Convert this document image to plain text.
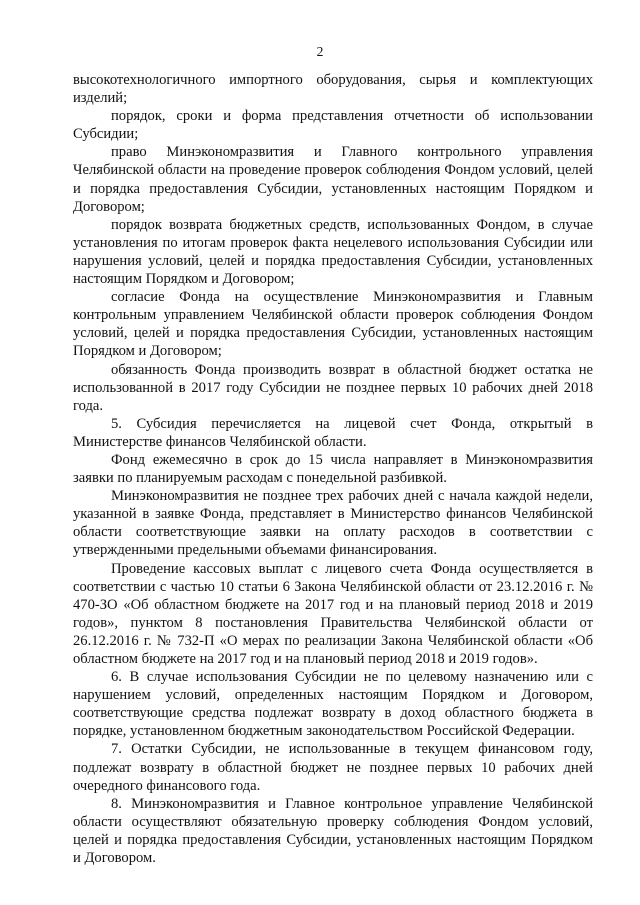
2

высокотехнологичного импортного оборудования, сырья и комплектующих изделий;

порядок, сроки и форма представления отчетности об использовании Субсидии;

право Минэкономразвития и Главного контрольного управления Челябинской области на проведение проверок соблюдения Фондом условий, целей и порядка предоставления Субсидии, установленных настоящим Порядком и Договором;

порядок возврата бюджетных средств, использованных Фондом, в случае установления по итогам проверок факта нецелевого использования Субсидии или нарушения условий, целей и порядка предоставления Субсидии, установленных настоящим Порядком и Договором;

согласие Фонда на осуществление Минэкономразвития и Главным контрольным управлением Челябинской области проверок соблюдения Фондом условий, целей и порядка предоставления Субсидии, установленных настоящим Порядком и Договором;

обязанность Фонда производить возврат в областной бюджет остатка не использованной в 2017 году Субсидии не позднее первых 10 рабочих дней 2018 года.

5. Субсидия перечисляется на лицевой счет Фонда, открытый в Министерстве финансов Челябинской области.

Фонд ежемесячно в срок до 15 числа направляет в Минэкономразвития заявки по планируемым расходам с понедельной разбивкой.

Минэкономразвития не позднее трех рабочих дней с начала каждой недели, указанной в заявке Фонда, представляет в Министерство финансов Челябинской области соответствующие заявки на оплату расходов в соответствии с утвержденными предельными объемами финансирования.

Проведение кассовых выплат с лицевого счета Фонда осуществляется в соответствии с частью 10 статьи 6 Закона Челябинской области от 23.12.2016 г. № 470-ЗО «Об областном бюджете на 2017 год и на плановый период 2018 и 2019 годов», пунктом 8 постановления Правительства Челябинской области от 26.12.2016 г. № 732-П «О мерах по реализации Закона Челябинской области «Об областном бюджете на 2017 год и на плановый период 2018 и 2019 годов».

6. В случае использования Субсидии не по целевому назначению или с нарушением условий, определенных настоящим Порядком и Договором, соответствующие средства подлежат возврату в доход областного бюджета в порядке, установленном бюджетным законодательством Российской Федерации.

7. Остатки Субсидии, не использованные в текущем финансовом году, подлежат возврату в областной бюджет не позднее первых 10 рабочих дней очередного финансового года.

8. Минэкономразвития и Главное контрольное управление Челябинской области осуществляют обязательную проверку соблюдения Фондом условий, целей и порядка предоставления Субсидии, установленных настоящим Порядком и Договором.
